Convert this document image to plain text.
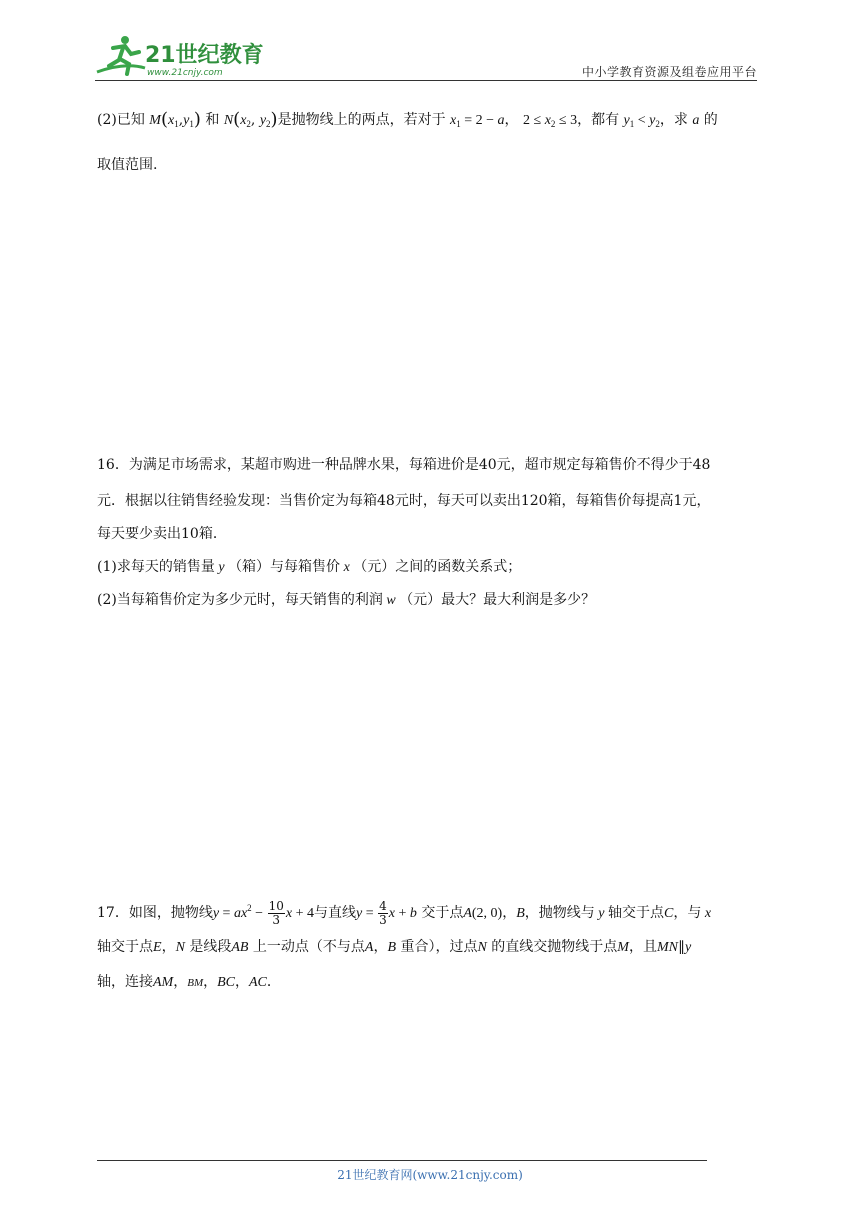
21世纪教育
www.21cnjy.com	中小学教育资源及组卷应用平台
(2)已知 $M(x_1,y_1)$ 和 $N(x_2$, $y_2$)是抛物线上的两点，若对于 $x_1 = 2 - a$， $2 \le x_2 \le 3$，都有 $y_1 < y_2$，求 a 的
取值范围.
16．为满足市场需求，某超市购进一种品牌水果，每箱进价是40元，超市规定每箱售价不得少于48
元．根据以往销售经验发现：当售价定为每箱48元时，每天可以卖出120箱，每箱售价每提高1元，
每天要少卖出10箱．
(1)求每天的销售量 y （箱）与每箱售价 x （元）之间的函数关系式；
(2)当每箱售价定为多少元时，每天销售的利润 w （元）最大？最大利润是多少？
17．如图，抛物线$y = ax^2 - \frac{10}{3}$ x + 4与直线$y = \frac{4}{3}$ x + b 交于点A(2, 0)，B，抛物线与 y 轴交于点C，与 x
轴交于点E，N 是线段AB 上一动点（不与点A，B 重合），过点N 的直线交抛物线于点M，且MN∥y
轴，连接AM，BM，BC，AC．
21世纪教育网(www.21cnjy.com)
